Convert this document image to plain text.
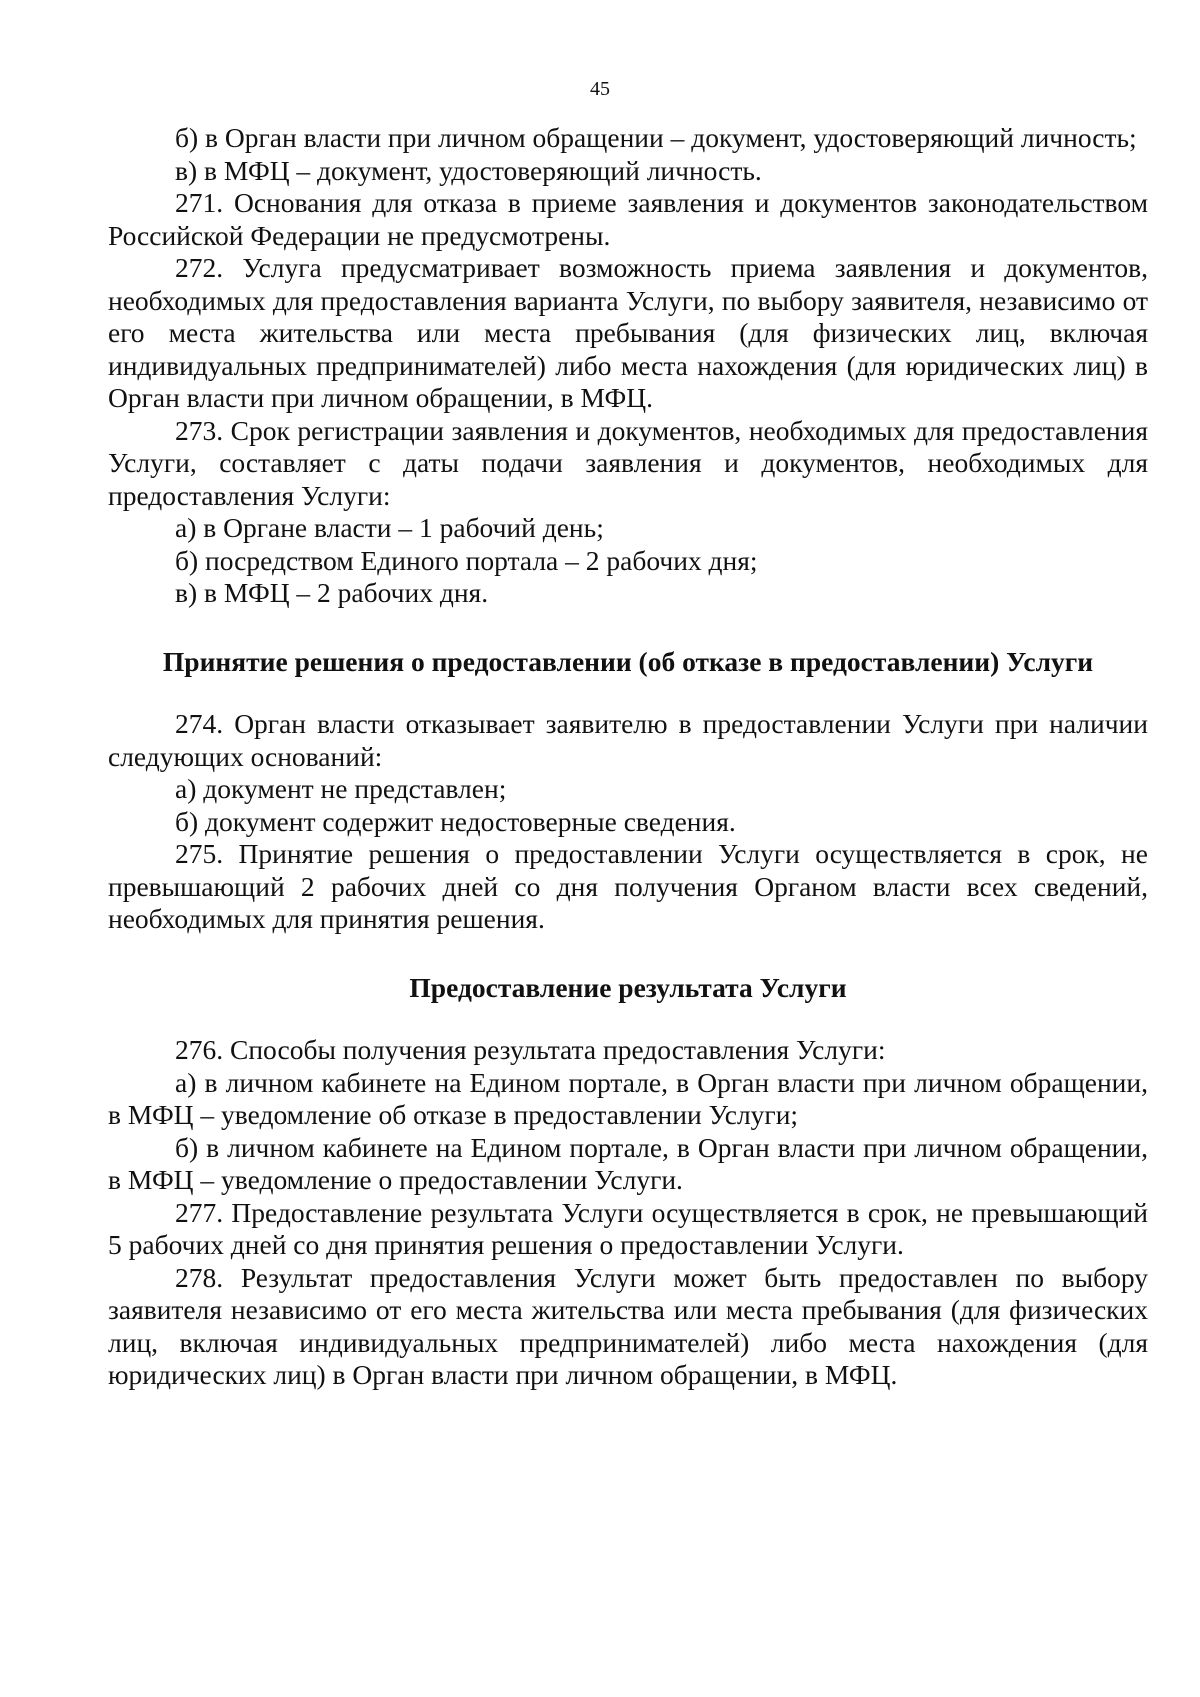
45

б) в Орган власти при личном обращении – документ, удостоверяющий личность;

в) в МФЦ – документ, удостоверяющий личность.

271. Основания для отказа в приеме заявления и документов законодательством Российской Федерации не предусмотрены.

272. Услуга предусматривает возможность приема заявления и документов, необходимых для предоставления варианта Услуги, по выбору заявителя, независимо от его места жительства или места пребывания (для физических лиц, включая индивидуальных предпринимателей) либо места нахождения (для юридических лиц) в Орган власти при личном обращении, в МФЦ.

273. Срок регистрации заявления и документов, необходимых для предоставления Услуги, составляет с даты подачи заявления и документов, необходимых для предоставления Услуги:

а) в Органе власти – 1 рабочий день;

б) посредством Единого портала – 2 рабочих дня;

в) в МФЦ – 2 рабочих дня.

Принятие решения о предоставлении (об отказе в предоставлении) Услуги

274. Орган власти отказывает заявителю в предоставлении Услуги при наличии следующих оснований:

а) документ не представлен;

б) документ содержит недостоверные сведения.

275. Принятие решения о предоставлении Услуги осуществляется в срок, не превышающий 2 рабочих дней со дня получения Органом власти всех сведений, необходимых для принятия решения.

Предоставление результата Услуги

276. Способы получения результата предоставления Услуги:

а) в личном кабинете на Едином портале, в Орган власти при личном обращении, в МФЦ – уведомление об отказе в предоставлении Услуги;

б) в личном кабинете на Едином портале, в Орган власти при личном обращении, в МФЦ – уведомление о предоставлении Услуги.

277. Предоставление результата Услуги осуществляется в срок, не превышающий 5 рабочих дней со дня принятия решения о предоставлении Услуги.

278. Результат предоставления Услуги может быть предоставлен по выбору заявителя независимо от его места жительства или места пребывания (для физических лиц, включая индивидуальных предпринимателей) либо места нахождения (для юридических лиц) в Орган власти при личном обращении, в МФЦ.
